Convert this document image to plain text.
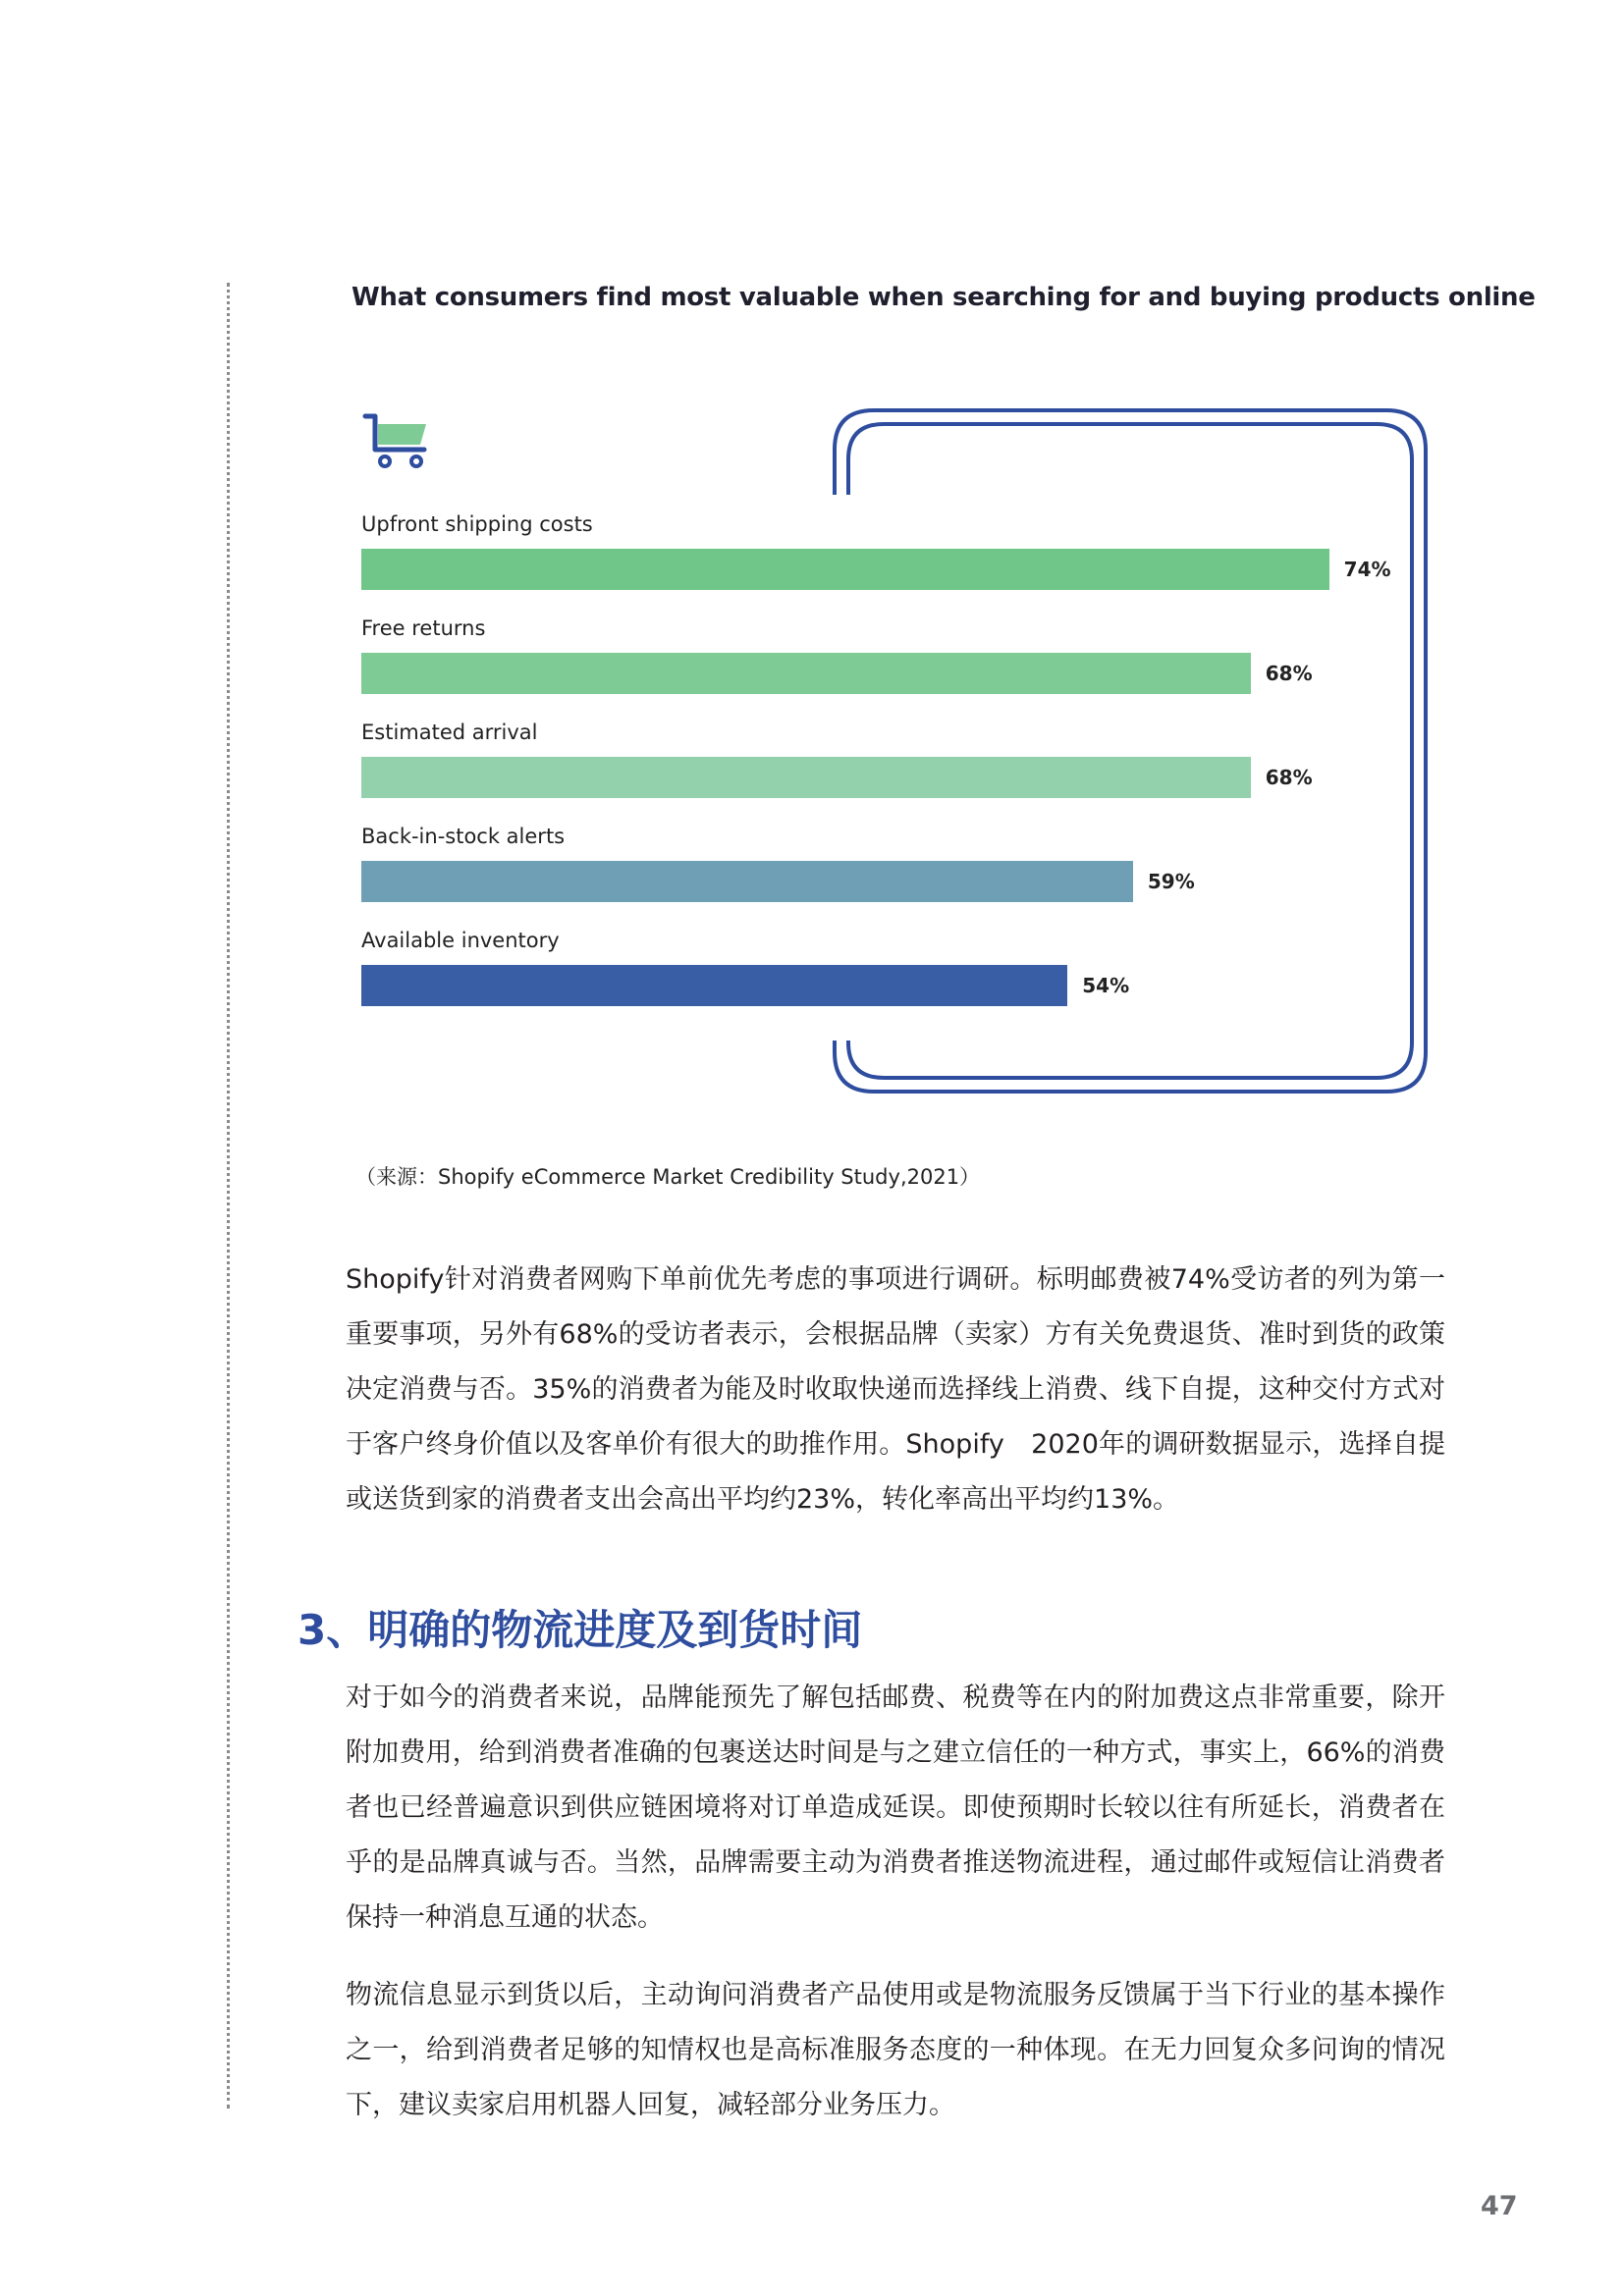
What consumers find most valuable when searching for and buying products online
Upfront shipping costs
74%
Free returns
68%
Estimated arrival
68%
Back-in-stock alerts
59%
Available inventory
54%
（来源：Shopify eCommerce Market Credibility Study,2021）

Shopify针对消费者网购下单前优先考虑的事项进行调研。标明邮费被74%受访者的列为第一重要事项，另外有68%的受访者表示，会根据品牌（卖家）方有关免费退货、准时到货的政策决定消费与否。35%的消费者为能及时收取快递而选择线上消费、线下自提，这种交付方式对于客户终身价值以及客单价有很大的助推作用。Shopify　2020年的调研数据显示，选择自提或送货到家的消费者支出会高出平均约23%，转化率高出平均约13%。

3、明确的物流进度及到货时间

对于如今的消费者来说，品牌能预先了解包括邮费、税费等在内的附加费这点非常重要，除开附加费用，给到消费者准确的包裹送达时间是与之建立信任的一种方式，事实上，66%的消费者也已经普遍意识到供应链困境将对订单造成延误。即使预期时长较以往有所延长，消费者在乎的是品牌真诚与否。当然，品牌需要主动为消费者推送物流进程，通过邮件或短信让消费者保持一种消息互通的状态。

物流信息显示到货以后，主动询问消费者产品使用或是物流服务反馈属于当下行业的基本操作之一，给到消费者足够的知情权也是高标准服务态度的一种体现。在无力回复众多问询的情况下，建议卖家启用机器人回复，减轻部分业务压力。

47
